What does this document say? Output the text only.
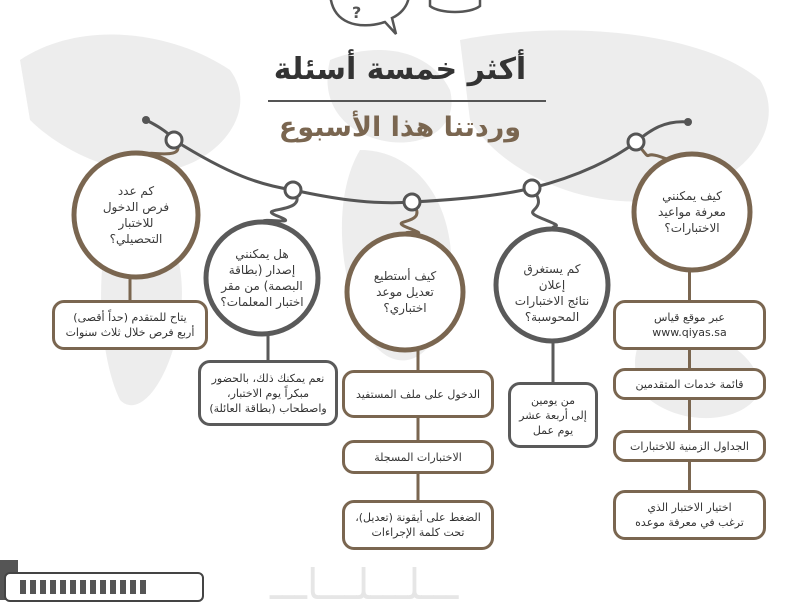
?
أكثر خمسة أسئلة
وردتنا هذا الأسبوع
كيف يمكنني
معرفة مواعيد
الاختبارات؟
عبر موقع قياس
www.qiyas.sa
قائمة خدمات المتقدمين
الجداول الزمنية للاختبارات
اختيار الاختبار الذي
ترغب في معرفة موعده
كم يستغرق إعلان
نتائج الاختبارات
المحوسبة؟
من يومين
إلى أربعة عشر
يوم عمل
كيف أستطيع
تعديل موعد
اختباري؟
الدخول على ملف المستفيد
الاختبارات المسجلة
الضغط على أيقونة (تعديل)،
تحت كلمة الإجراءات
هل يمكنني
إصدار (بطاقة
البصمة) من مقر
اختبار المعلمات؟
نعم يمكنك ذلك، بالحضور
مبكراً يوم الاختبار،
واصطحاب (بطاقة العائلة)
كم عدد
فرص الدخول
للاختبار
التحصيلي؟
يتاح للمتقدم (حداً أقصى)
أربع فرص خلال ثلاث سنوات
ـــلـــلـــاـــ
